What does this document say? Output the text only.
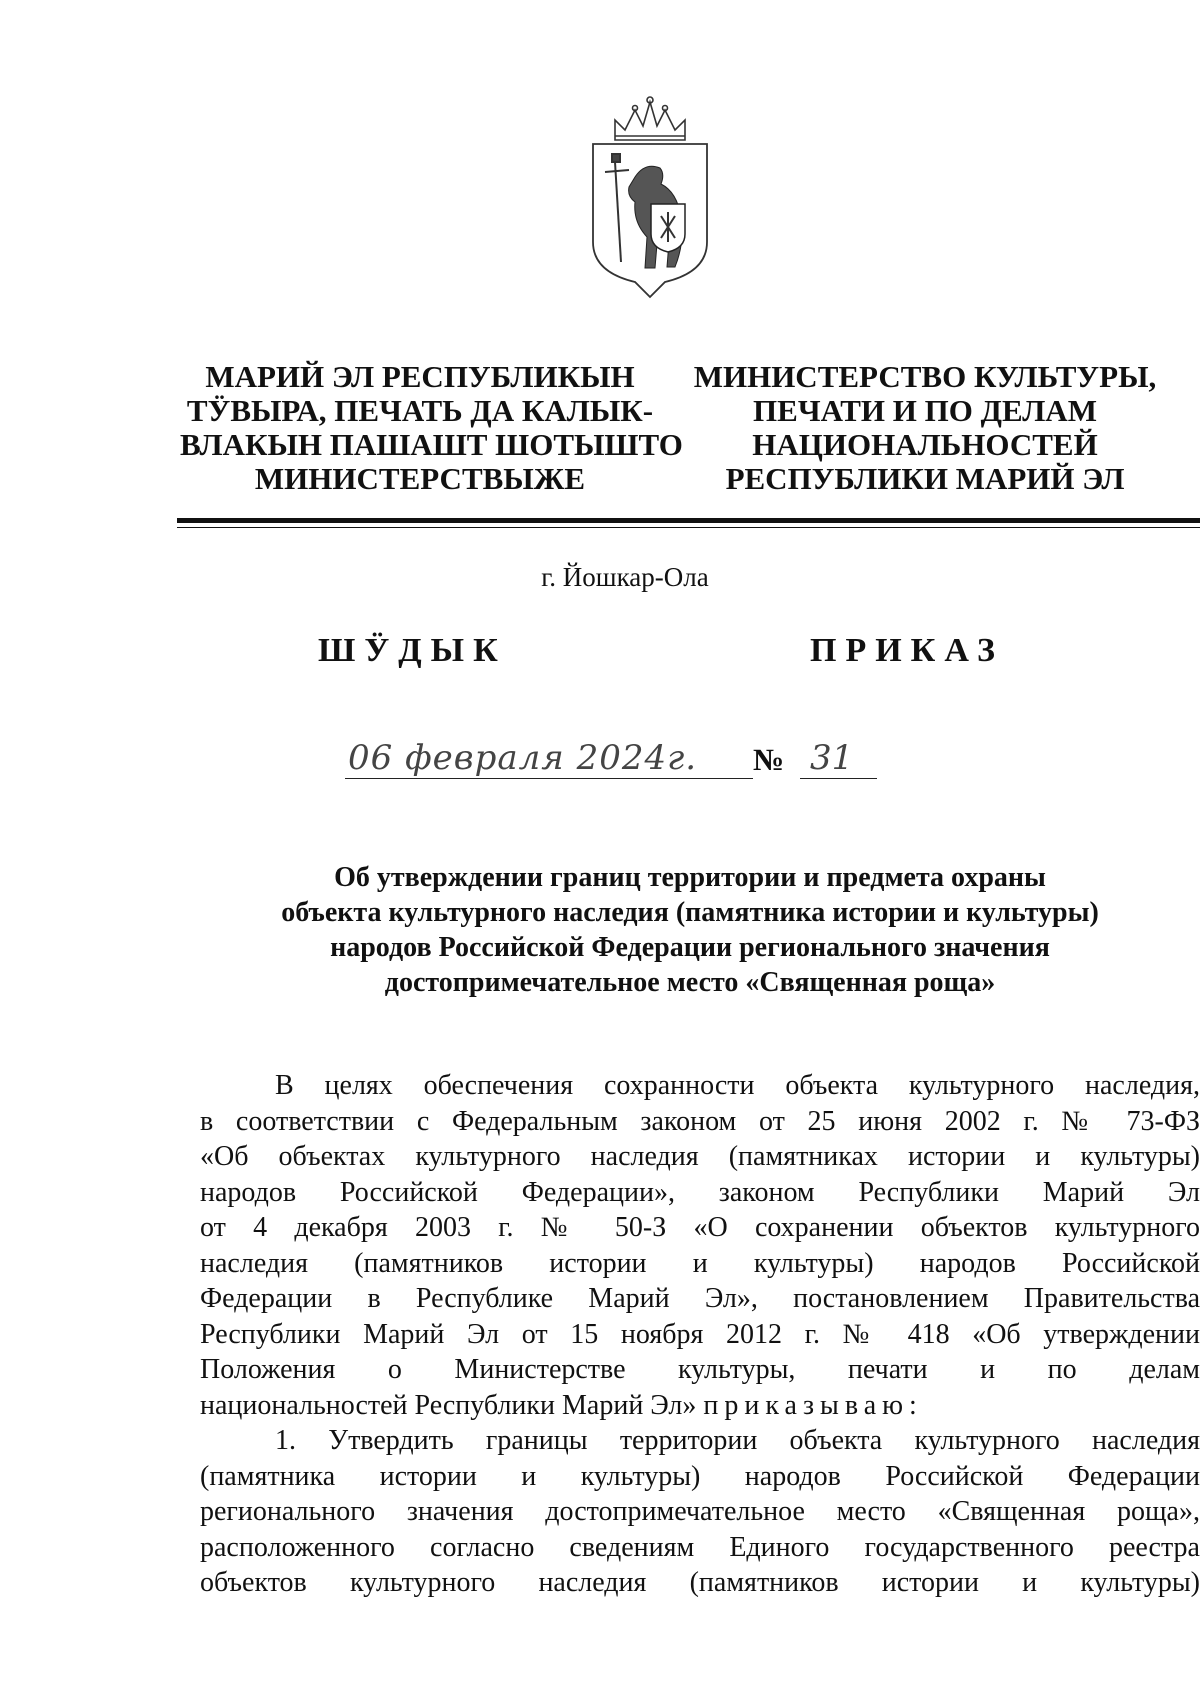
МАРИЙ ЭЛ РЕСПУБЛИКЫН
ТӰВЫРА, ПЕЧАТЬ ДА КАЛЫК-
ВЛАКЫН ПАШАШТ ШОТЫШТО
МИНИСТЕРСТВЫЖЕ
МИНИСТЕРСТВО КУЛЬТУРЫ,
ПЕЧАТИ И ПО ДЕЛАМ
НАЦИОНАЛЬНОСТЕЙ
РЕСПУБЛИКИ МАРИЙ ЭЛ
г. Йошкар-Ола
ШӰДЫК	ПРИКАЗ
06 февраля 2024г. № 31
Об утверждении границ территории и предмета охраны
объекта культурного наследия (памятника истории и культуры)
народов Российской Федерации регионального значения
достопримечательное место «Священная роща»
В целях обеспечения сохранности объекта культурного наследия,
в соответствии с Федеральным законом от 25 июня 2002 г. № 73-ФЗ
«Об объектах культурного наследия (памятниках истории и культуры)
народов Российской Федерации», законом Республики Марий Эл
от 4 декабря 2003 г. № 50-З «О сохранении объектов культурного
наследия (памятников истории и культуры) народов Российской
Федерации в Республике Марий Эл», постановлением Правительства
Республики Марий Эл от 15 ноября 2012 г. № 418 «Об утверждении
Положения о Министерстве культуры, печати и по делам
национальностей Республики Марий Эл» приказываю:
1. Утвердить границы территории объекта культурного наследия
(памятника истории и культуры) народов Российской Федерации
регионального значения достопримечательное место «Священная роща»,
расположенного согласно сведениям Единого государственного реестра
объектов культурного наследия (памятников истории и культуры)
